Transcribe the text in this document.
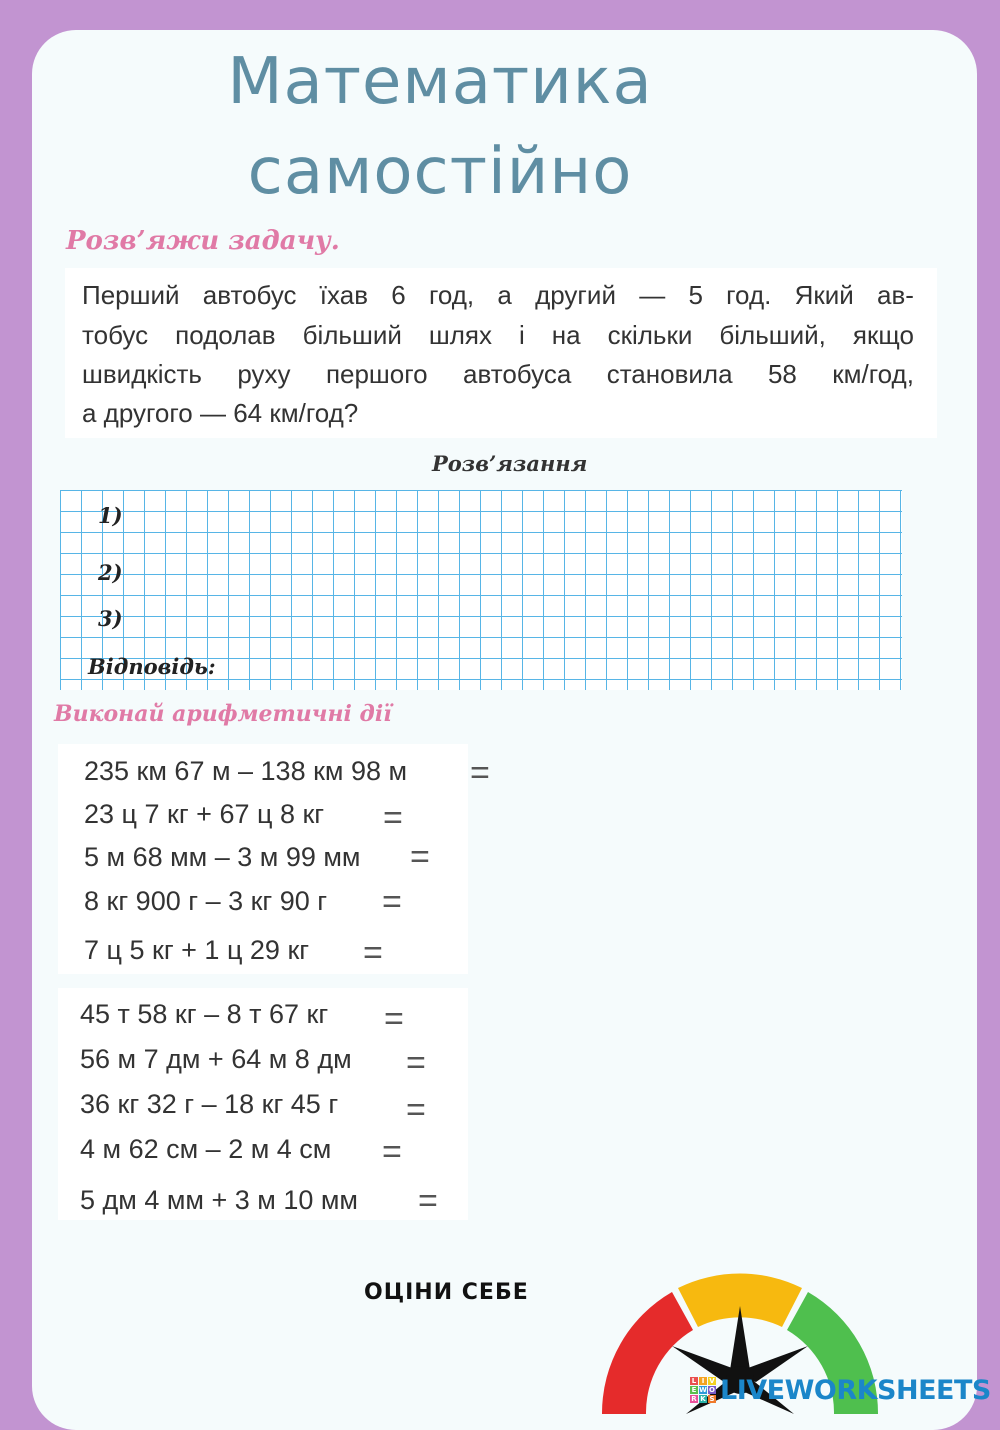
Математика
самостійно
Розв’яжи задачу.
Перший автобус їхав 6 год, а другий — 5 год. Який ав-
тобус подолав більший шлях і на скільки більший, якщо
швидкість руху першого автобуса становила 58 км/год,
а другого — 64 км/год?
Розв’язання
1)
2)
3)
Відповідь:
Виконай арифметичні дії
235 км 67 м – 138 км 98 м =
23 ц 7 кг + 67 ц 8 кг =
5 м 68 мм – 3 м 99 мм =
8 кг 900 г – 3 кг 90 г =
7 ц 5 кг + 1 ц 29 кг =
45 т 58 кг – 8 т 67 кг =
56 м 7 дм + 64 м 8 дм =
36 кг 32 г – 18 кг 45 г =
4 м 62 см – 2 м 4 см =
5 дм 4 мм + 3 м 10 мм =
ОЦІНИ СЕБЕ
L I V
E W O
R K S LIVEWORKSHEETS
